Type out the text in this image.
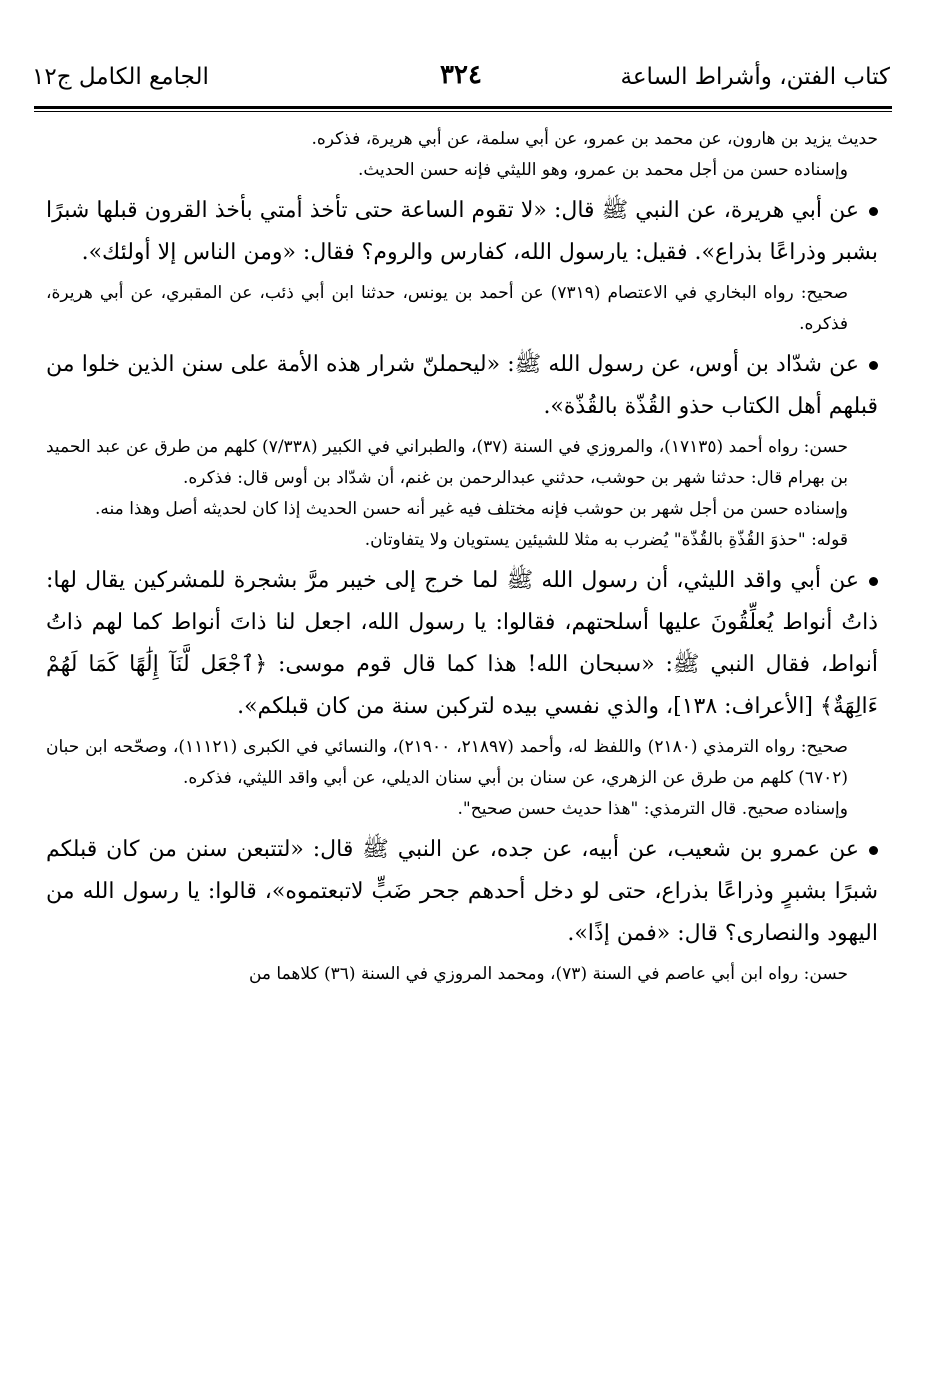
كتاب الفتن، وأشراط الساعة
٣٢٤
الجامع الكامل ج١٢

حديث يزيد بن هارون، عن محمد بن عمرو، عن أبي سلمة، عن أبي هريرة، فذكره.

وإسناده حسن من أجل محمد بن عمرو، وهو الليثي فإنه حسن الحديث.

عن أبي هريرة، عن النبي ﷺ قال: «لا تقوم الساعة حتى تأخذ أمتي بأخذ القرون قبلها شبرًا بشبر وذراعًا بذراع». فقيل: يارسول الله، كفارس والروم؟ فقال: «ومن الناس إلا أولئك».

صحيح: رواه البخاري في الاعتصام (٧٣١٩) عن أحمد بن يونس، حدثنا ابن أبي ذئب، عن المقبري، عن أبي هريرة، فذكره.

عن شدّاد بن أوس، عن رسول الله ﷺ: «ليحملنّ شرار هذه الأمة على سنن الذين خلوا من قبلهم أهل الكتاب حذو القُذّة بالقُذّة».

حسن: رواه أحمد (١٧١٣٥)، والمروزي في السنة (٣٧)، والطبراني في الكبير (٧/٣٣٨) كلهم من طرق عن عبد الحميد بن بهرام قال: حدثنا شهر بن حوشب، حدثني عبدالرحمن بن غنم، أن شدّاد بن أوس قال: فذكره.

وإسناده حسن من أجل شهر بن حوشب فإنه مختلف فيه غير أنه حسن الحديث إذا كان لحديثه أصل وهذا منه.

قوله: "حذوَ القُذّةِ بالقُذّة" يُضرب به مثلا للشيئين يستويان ولا يتفاوتان.

عن أبي واقد الليثي، أن رسول الله ﷺ لما خرج إلى خيبر مرَّ بشجرة للمشركين يقال لها: ذاتُ أنواط يُعلِّقُونَ عليها أسلحتهم، فقالوا: يا رسول الله، اجعل لنا ذاتَ أنواط كما لهم ذاتُ أنواط، فقال النبي ﷺ: «سبحان الله! هذا كما قال قوم موسى: ﴿ٱجْعَل لَّنَآ إِلَٰهًا كَمَا لَهُمْ ءَالِهَةٌ﴾ [الأعراف: ١٣٨]، والذي نفسي بيده لتركبن سنة من كان قبلكم».

صحيح: رواه الترمذي (٢١٨٠) واللفظ له، وأحمد (٢١٨٩٧، ٢١٩٠٠)، والنسائي في الكبرى (١١١٢١)، وصحّحه ابن حبان (٦٧٠٢) كلهم من طرق عن الزهري، عن سنان بن أبي سنان الديلي، عن أبي واقد الليثي، فذكره.

وإسناده صحيح. قال الترمذي: "هذا حديث حسن صحيح".

عن عمرو بن شعيب، عن أبيه، عن جده، عن النبي ﷺ قال: «لتتبعن سنن من كان قبلكم شبرًا بشبرٍ وذراعًا بذراع، حتى لو دخل أحدهم جحر ضَبٍّ لاتبعتموه»، قالوا: يا رسول الله من اليهود والنصارى؟ قال: «فمن إذًا».

حسن: رواه ابن أبي عاصم في السنة (٧٣)، ومحمد المروزي في السنة (٣٦) كلاهما من
